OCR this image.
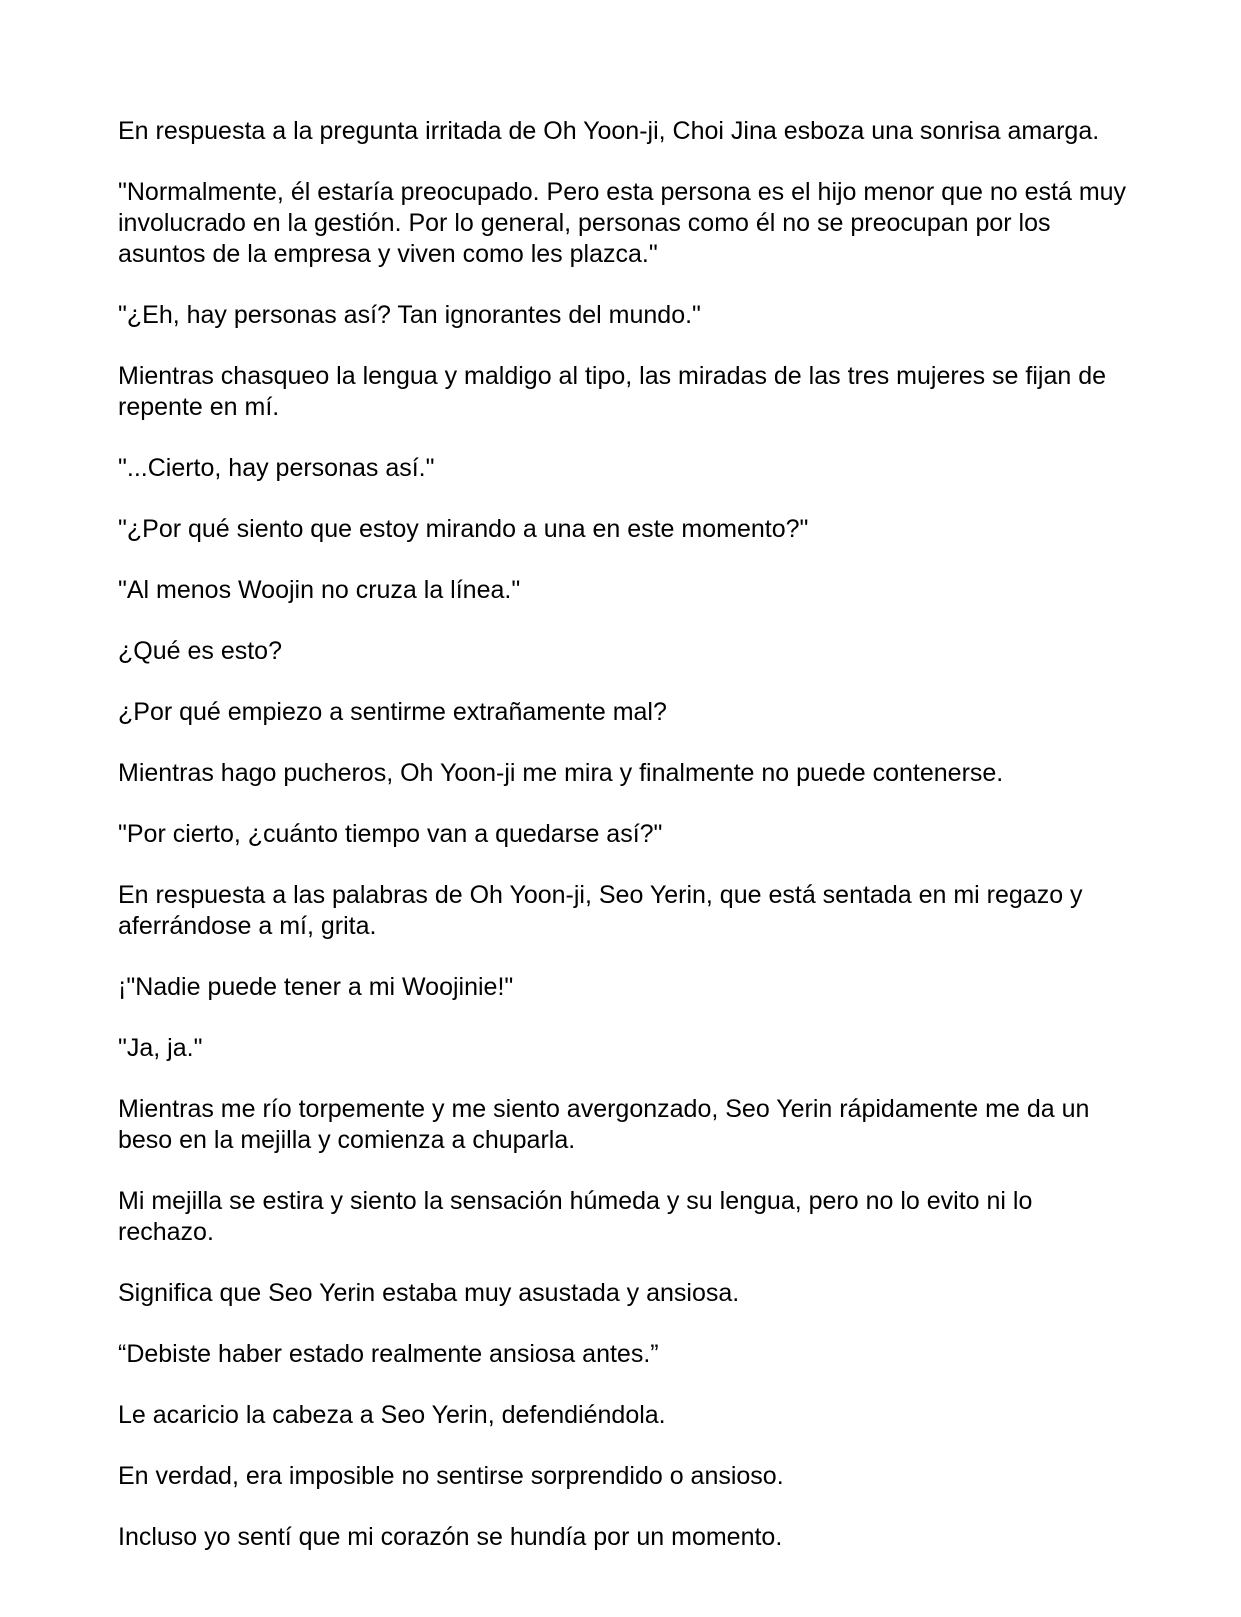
En respuesta a la pregunta irritada de Oh Yoon-ji, Choi Jina esboza una sonrisa amarga.

"Normalmente, él estaría preocupado. Pero esta persona es el hijo menor que no está muy involucrado en la gestión. Por lo general, personas como él no se preocupan por los asuntos de la empresa y viven como les plazca."

"¿Eh, hay personas así? Tan ignorantes del mundo."

Mientras chasqueo la lengua y maldigo al tipo, las miradas de las tres mujeres se fijan de repente en mí.

"...Cierto, hay personas así."

"¿Por qué siento que estoy mirando a una en este momento?"

"Al menos Woojin no cruza la línea."

¿Qué es esto?

¿Por qué empiezo a sentirme extrañamente mal?

Mientras hago pucheros, Oh Yoon-ji me mira y finalmente no puede contenerse.

"Por cierto, ¿cuánto tiempo van a quedarse así?"

En respuesta a las palabras de Oh Yoon-ji, Seo Yerin, que está sentada en mi regazo y aferrándose a mí, grita.

¡"Nadie puede tener a mi Woojinie!"

"Ja, ja."

Mientras me río torpemente y me siento avergonzado, Seo Yerin rápidamente me da un beso en la mejilla y comienza a chuparla.

Mi mejilla se estira y siento la sensación húmeda y su lengua, pero no lo evito ni lo rechazo.

Significa que Seo Yerin estaba muy asustada y ansiosa.

“Debiste haber estado realmente ansiosa antes.”

Le acaricio la cabeza a Seo Yerin, defendiéndola.

En verdad, era imposible no sentirse sorprendido o ansioso.

Incluso yo sentí que mi corazón se hundía por un momento.
